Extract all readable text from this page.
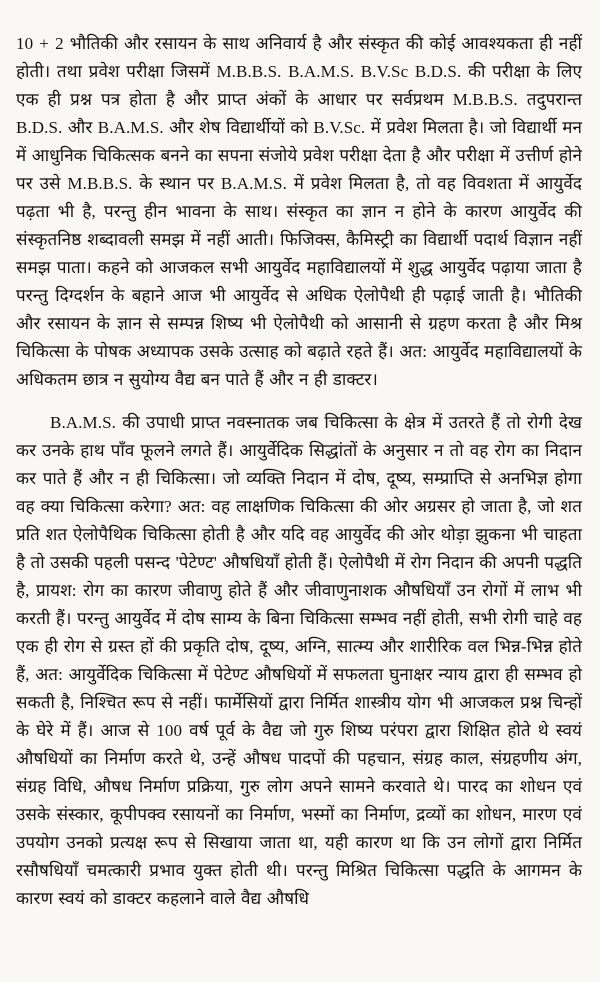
10 + 2 भौतिकी और रसायन के साथ अनिवार्य है और संस्कृत की कोई आवश्यकता ही नहीं होती। तथा प्रवेश परीक्षा जिसमें M.B.B.S. B.A.M.S. B.V.Sc B.D.S. की परीक्षा के लिए एक ही प्रश्न पत्र होता है और प्राप्त अंकों के आधार पर सर्वप्रथम M.B.B.S. तदुपरान्त B.D.S. और B.A.M.S. और शेष विद्यार्थीयों को B.V.Sc. में प्रवेश मिलता है। जो विद्यार्थी मन में आधुनिक चिकित्सक बनने का सपना संजोये प्रवेश परीक्षा देता है और परीक्षा में उत्तीर्ण होने पर उसे M.B.B.S. के स्थान पर B.A.M.S. में प्रवेश मिलता है, तो वह विवशता में आयुर्वेद पढ़ता भी है, परन्तु हीन भावना के साथ। संस्कृत का ज्ञान न होने के कारण आयुर्वेद की संस्कृतनिष्ठ शब्दावली समझ में नहीं आती। फिजिक्स, कैमिस्ट्री का विद्यार्थी पदार्थ विज्ञान नहीं समझ पाता। कहने को आजकल सभी आयुर्वेद महाविद्यालयों में शुद्ध आयुर्वेद पढ़ाया जाता है परन्तु दिग्दर्शन के बहाने आज भी आयुर्वेद से अधिक ऐलोपैथी ही पढ़ाई जाती है। भौतिकी और रसायन के ज्ञान से सम्पन्न शिष्य भी ऐलोपैथी को आसानी से ग्रहण करता है और मिश्र चिकित्सा के पोषक अध्यापक उसके उत्साह को बढ़ाते रहते हैं। अत: आयुर्वेद महाविद्यालयों के अधिकतम छात्र न सुयोग्य वैद्य बन पाते हैं और न ही डाक्टर।

B.A.M.S. की उपाधी प्राप्त नवस्नातक जब चिकित्सा के क्षेत्र में उतरते हैं तो रोगी देख कर उनके हाथ पाँव फूलने लगते हैं। आयुर्वेदिक सिद्धांतों के अनुसार न तो वह रोग का निदान कर पाते हैं और न ही चिकित्सा। जो व्यक्ति निदान में दोष, दूष्य, सम्प्राप्ति से अनभिज्ञ होगा वह क्या चिकित्सा करेगा? अत: वह लाक्षणिक चिकित्सा की ओर अग्रसर हो जाता है, जो शत प्रति शत ऐलोपैथिक चिकित्सा होती है और यदि वह आयुर्वेद की ओर थोड़ा झुकना भी चाहता है तो उसकी पहली पसन्द 'पेटेण्ट' औषधियाँ होती हैं। ऐलोपैथी में रोग निदान की अपनी पद्धति है, प्रायश: रोग का कारण जीवाणु होते हैं और जीवाणुनाशक औषधियाँ उन रोगों में लाभ भी करती हैं। परन्तु आयुर्वेद में दोष साम्य के बिना चिकित्सा सम्भव नहीं होती, सभी रोगी चाहे वह एक ही रोग से ग्रस्त हों की प्रकृति दोष, दूष्य, अग्नि, सात्म्य और शारीरिक वल भिन्न-भिन्न होते हैं, अत: आयुर्वेदिक चिकित्सा में पेटेण्ट औषधियों में सफलता घुनाक्षर न्याय द्वारा ही सम्भव हो सकती है, निश्चित रूप से नहीं। फार्मेसियों द्वारा निर्मित शास्त्रीय योग भी आजकल प्रश्न चिन्हों के घेरे में हैं। आज से 100 वर्ष पूर्व के वैद्य जो गुरु शिष्य परंपरा द्वारा शिक्षित होते थे स्वयं औषधियों का निर्माण करते थे, उन्हें औषध पादपों की पहचान, संग्रह काल, संग्रहणीय अंग, संग्रह विधि, औषध निर्माण प्रक्रिया, गुरु लोग अपने सामने करवाते थे। पारद का शोधन एवं उसके संस्कार, कूपीपक्व रसायनों का निर्माण, भस्मों का निर्माण, द्रव्यों का शोधन, मारण एवं उपयोग उनको प्रत्यक्ष रूप से सिखाया जाता था, यही कारण था कि उन लोगों द्वारा निर्मित रसौषधियाँ चमत्कारी प्रभाव युक्त होती थी। परन्तु मिश्रित चिकित्सा पद्धति के आगमन के कारण स्वयं को डाक्टर कहलाने वाले वैद्य औषधि
